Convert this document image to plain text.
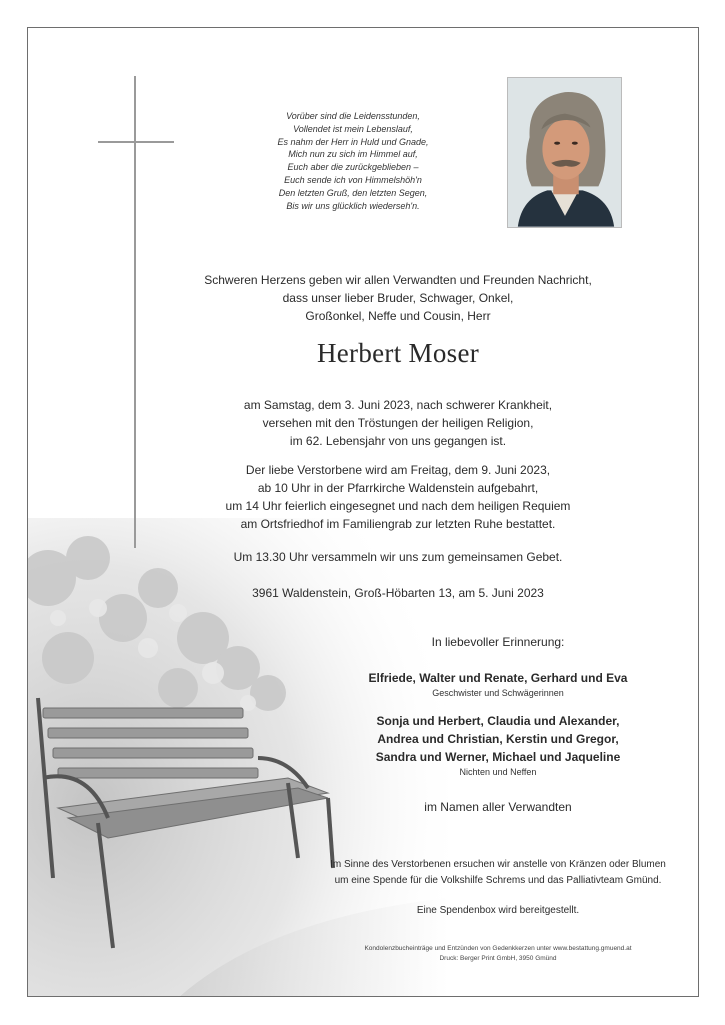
Vorüber sind die Leidensstunden,
Vollendet ist mein Lebenslauf,
Es nahm der Herr in Huld und Gnade,
Mich nun zu sich im Himmel auf,
Euch aber die zurückgeblieben –
Euch sende ich von Himmelshöh'n
Den letzten Gruß, den letzten Segen,
Bis wir uns glücklich wiederseh'n.
Schweren Herzens geben wir allen Verwandten und Freunden Nachricht,
dass unser lieber Bruder, Schwager, Onkel,
Großonkel, Neffe und Cousin, Herr
Herbert Moser
am Samstag, dem 3. Juni 2023, nach schwerer Krankheit,
versehen mit den Tröstungen der heiligen Religion,
im 62. Lebensjahr von uns gegangen ist.
Der liebe Verstorbene wird am Freitag, dem 9. Juni 2023,
ab 10 Uhr in der Pfarrkirche Waldenstein aufgebahrt,
um 14 Uhr feierlich eingesegnet und nach dem heiligen Requiem
am Ortsfriedhof im Familiengrab zur letzten Ruhe bestattet.
Um 13.30 Uhr versammeln wir uns zum gemeinsamen Gebet.
3961 Waldenstein, Groß-Höbarten 13, am 5. Juni 2023
In liebevoller Erinnerung:
Elfriede, Walter und Renate, Gerhard und Eva
Geschwister und Schwägerinnen
Sonja und Herbert, Claudia und Alexander,
Andrea und Christian, Kerstin und Gregor,
Sandra und Werner, Michael und Jaqueline
Nichten und Neffen
im Namen aller Verwandten
Im Sinne des Verstorbenen ersuchen wir anstelle von Kränzen oder Blumen
um eine Spende für die Volkshilfe Schrems und das Palliativteam Gmünd.
Eine Spendenbox wird bereitgestellt.
Kondolenzbucheinträge und Entzünden von Gedenkkerzen unter www.bestattung.gmuend.at
Druck: Berger Print GmbH, 3950 Gmünd
